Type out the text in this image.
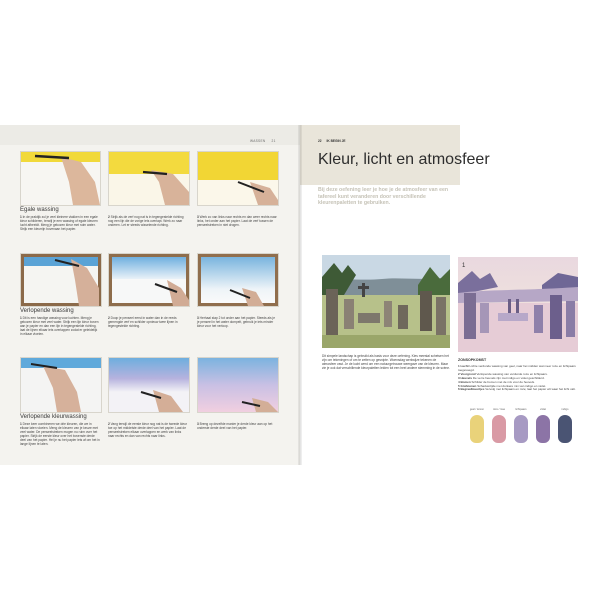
WASSEN 21
Egale wassing
1 In de praktijk zul je veel kleinere vlakken in een egale kleur schilderen, terwijl je een wassing of egale kleuren lucht afbeeldt. Meng je gekozen kleur met ruim water. Strijk een kleurrijn bovenaan het papier.
2 Strijk als de verf nog nat is in tegengestelde richting nog een lijn die de vorige iets overlapt. Werk zo naar onderen. Let er steeds wisselende richting.
3 Werk zo van links naar rechts en dan weer rechts naar links, het onder aan het papier. Laat de verf tussen de penseelstreken in niet drogen.
Verlopende wassing
1 Dit is een handige wassing voor luchten. Meng je gekozen kleur met veel water. Strijk een lijn kleur boven aan je papier en dan een lijn in tegengestelde richting, laat de lijnen elkaar iets overlappen zodat er geleidelijk in elkaar vloeien.
2 Doop je penseel eerst in water dan in de reeds gemengde verf en schilder opnieuw twee lijnen in tegengestelde richting.
3 Herhaal stap 2 tot onder aan het papier. Steeds als je je penseel in het water dompelt, gebruik je iets minder kleur voor het verloop.
Verlopende kleurwassing
1 Deze keer combineren we drie kleuren, die we in elkaar laten vloeien. Meng de kleuren van je keuze met veel water. De penseelstreken mogen nu ruim over het papier. Strijk de eerste kleur over het bovenste derde deel van het papier. Hel je nu het papier iets af om het in lange lijnen te laten.
2 Vang terwijl de eerste kleur nog nat is de tweede kleur toe op het middelste derde deel van het papier. Laat de penseelstreken elkaar overlappen en werk van links naar rechts en dan van rechts naar links.
3 Breng op dezelfde manier je derde kleur aan op het onderste derde deel van het papier.
22 IK BEGIN JE
Kleur, licht en atmosfeer
Bij deze oefening leer je hoe je de atmosfeer van een tafereel kunt veranderen door verschillende kleurenpaletten te gebruiken.
Dit simpele landschap is gebruikt als basis voor deze oefening. Kies meestal schetsen het zijn om tekeningen of om te zetten op gesnipte. Woensdag werkwijze tekenen de atmosfeer vast. Je de lucht werd om een natuurgetrouwe weergave van de kleuren. Maar zie je ook dat verschillende kleurpaletten leiden tot een heel andere stemming in de scène.
1
ZONSOPKOMST
1 Lucht Lichte verdunde wassing van geel, naar het midden wat meer roze en lichtpaars toegevoegd.
2 Voorgrond Verlopende wassing van verdunde roze en lichtpaars.
3 Heuvels De verre heuvels zijn met indigo en violet geschilderd.
4 Bomen Schilder de bomen met de mix voor de heuvels.
5 Grafstenen Schaduwzijde met donkere mix van indigo en violet.
6 Begraafmuurtjes Vervolg met lichtpaars en roze; laat het papier wit waar het licht valt.
geel / lemon	roze / rose	lichtpaars	violet	indigo
